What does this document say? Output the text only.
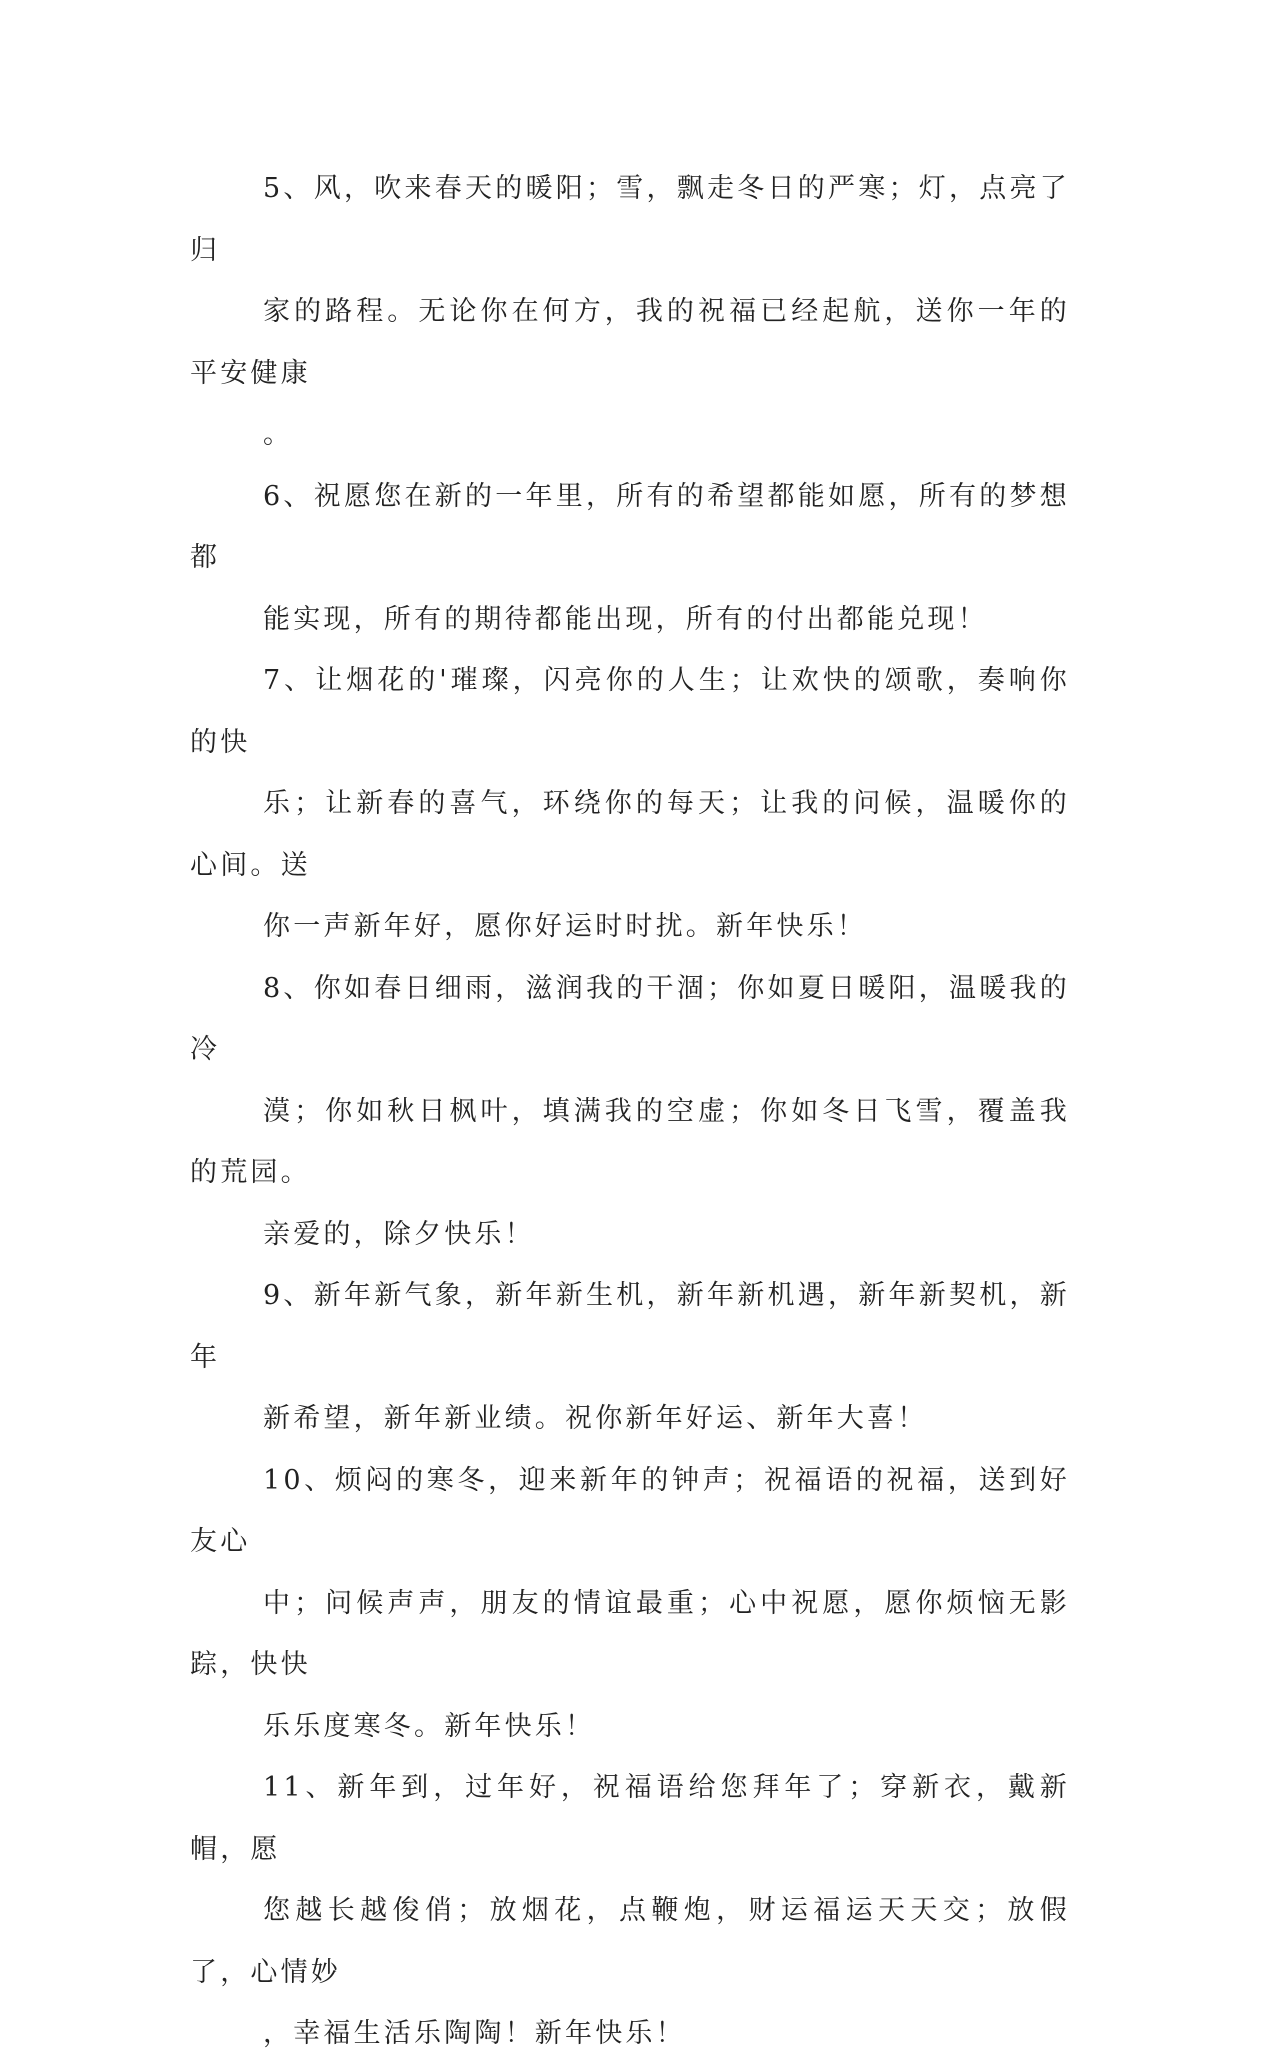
5、风，吹来春天的暖阳；雪，飘走冬日的严寒；灯，点亮了归
家的路程。无论你在何方，我的祝福已经起航，送你一年的平安健康
。

6、祝愿您在新的一年里，所有的希望都能如愿，所有的梦想都
能实现，所有的期待都能出现，所有的付出都能兑现！

7、让烟花的'璀璨，闪亮你的人生；让欢快的颂歌，奏响你的快
乐；让新春的喜气，环绕你的每天；让我的问候，温暖你的心间。送
你一声新年好，愿你好运时时扰。新年快乐！

8、你如春日细雨，滋润我的干涸；你如夏日暖阳，温暖我的冷
漠；你如秋日枫叶，填满我的空虚；你如冬日飞雪，覆盖我的荒园。
亲爱的，除夕快乐！

9、新年新气象，新年新生机，新年新机遇，新年新契机，新年
新希望，新年新业绩。祝你新年好运、新年大喜！

10、烦闷的寒冬，迎来新年的钟声；祝福语的祝福，送到好友心
中；问候声声，朋友的情谊最重；心中祝愿，愿你烦恼无影踪，快快
乐乐度寒冬。新年快乐！

11、新年到，过年好，祝福语给您拜年了；穿新衣，戴新帽，愿
您越长越俊俏；放烟花，点鞭炮，财运福运天天交；放假了，心情妙
，幸福生活乐陶陶！新年快乐！
